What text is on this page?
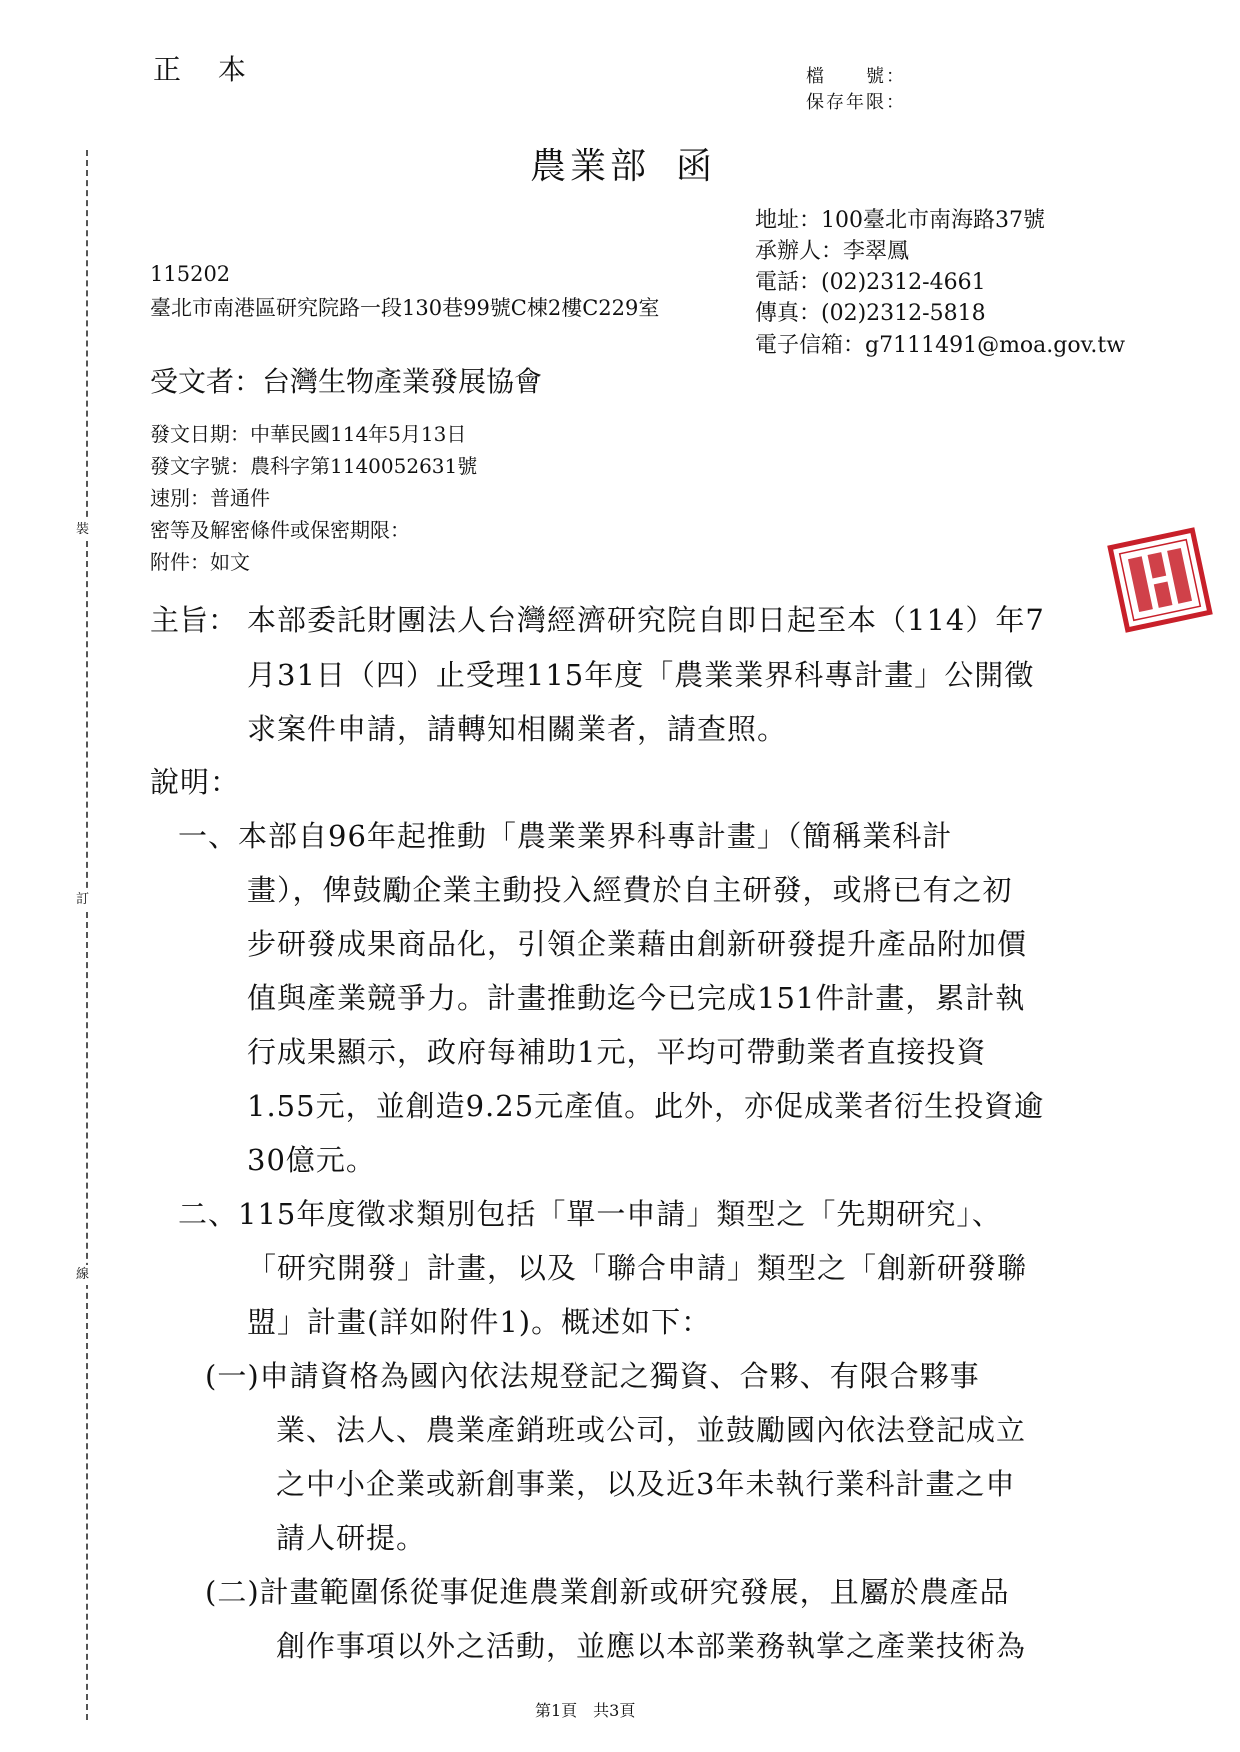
裝
訂
線
正 本	檔　　號：
保存年限：
農業部 函
地址：100臺北市南海路37號
承辦人：李翠鳳
電話：(02)2312-4661
傳真：(02)2312-5818
電子信箱：g7111491@moa.gov.tw
115202
臺北市南港區研究院路一段130巷99號C棟2樓C229室
受文者：台灣生物產業發展協會
發文日期：中華民國114年5月13日
發文字號：農科字第1140052631號
速別：普通件
密等及解密條件或保密期限：
附件：如文
主旨： 本部委託財團法人台灣經濟研究院自即日起至本（114）年7
月31日（四）止受理115年度「農業業界科專計畫」公開徵
求案件申請，請轉知相關業者，請查照。
說明：
一、本部自96年起推動「農業業界科專計畫」（簡稱業科計
畫），俾鼓勵企業主動投入經費於自主研發，或將已有之初
步研發成果商品化，引領企業藉由創新研發提升產品附加價
值與產業競爭力。計畫推動迄今已完成151件計畫，累計執
行成果顯示，政府每補助1元，平均可帶動業者直接投資
1.55元，並創造9.25元產值。此外，亦促成業者衍生投資逾
30億元。
二、115年度徵求類別包括「單一申請」類型之「先期研究」、
「研究開發」計畫，以及「聯合申請」類型之「創新研發聯
盟」計畫(詳如附件1)。概述如下：
(一)申請資格為國內依法規登記之獨資、合夥、有限合夥事
業、法人、農業產銷班或公司，並鼓勵國內依法登記成立
之中小企業或新創事業，以及近3年未執行業科計畫之申
請人研提。
(二)計畫範圍係從事促進農業創新或研究發展，且屬於農產品
創作事項以外之活動，並應以本部業務執掌之產業技術為
第1頁　共3頁
